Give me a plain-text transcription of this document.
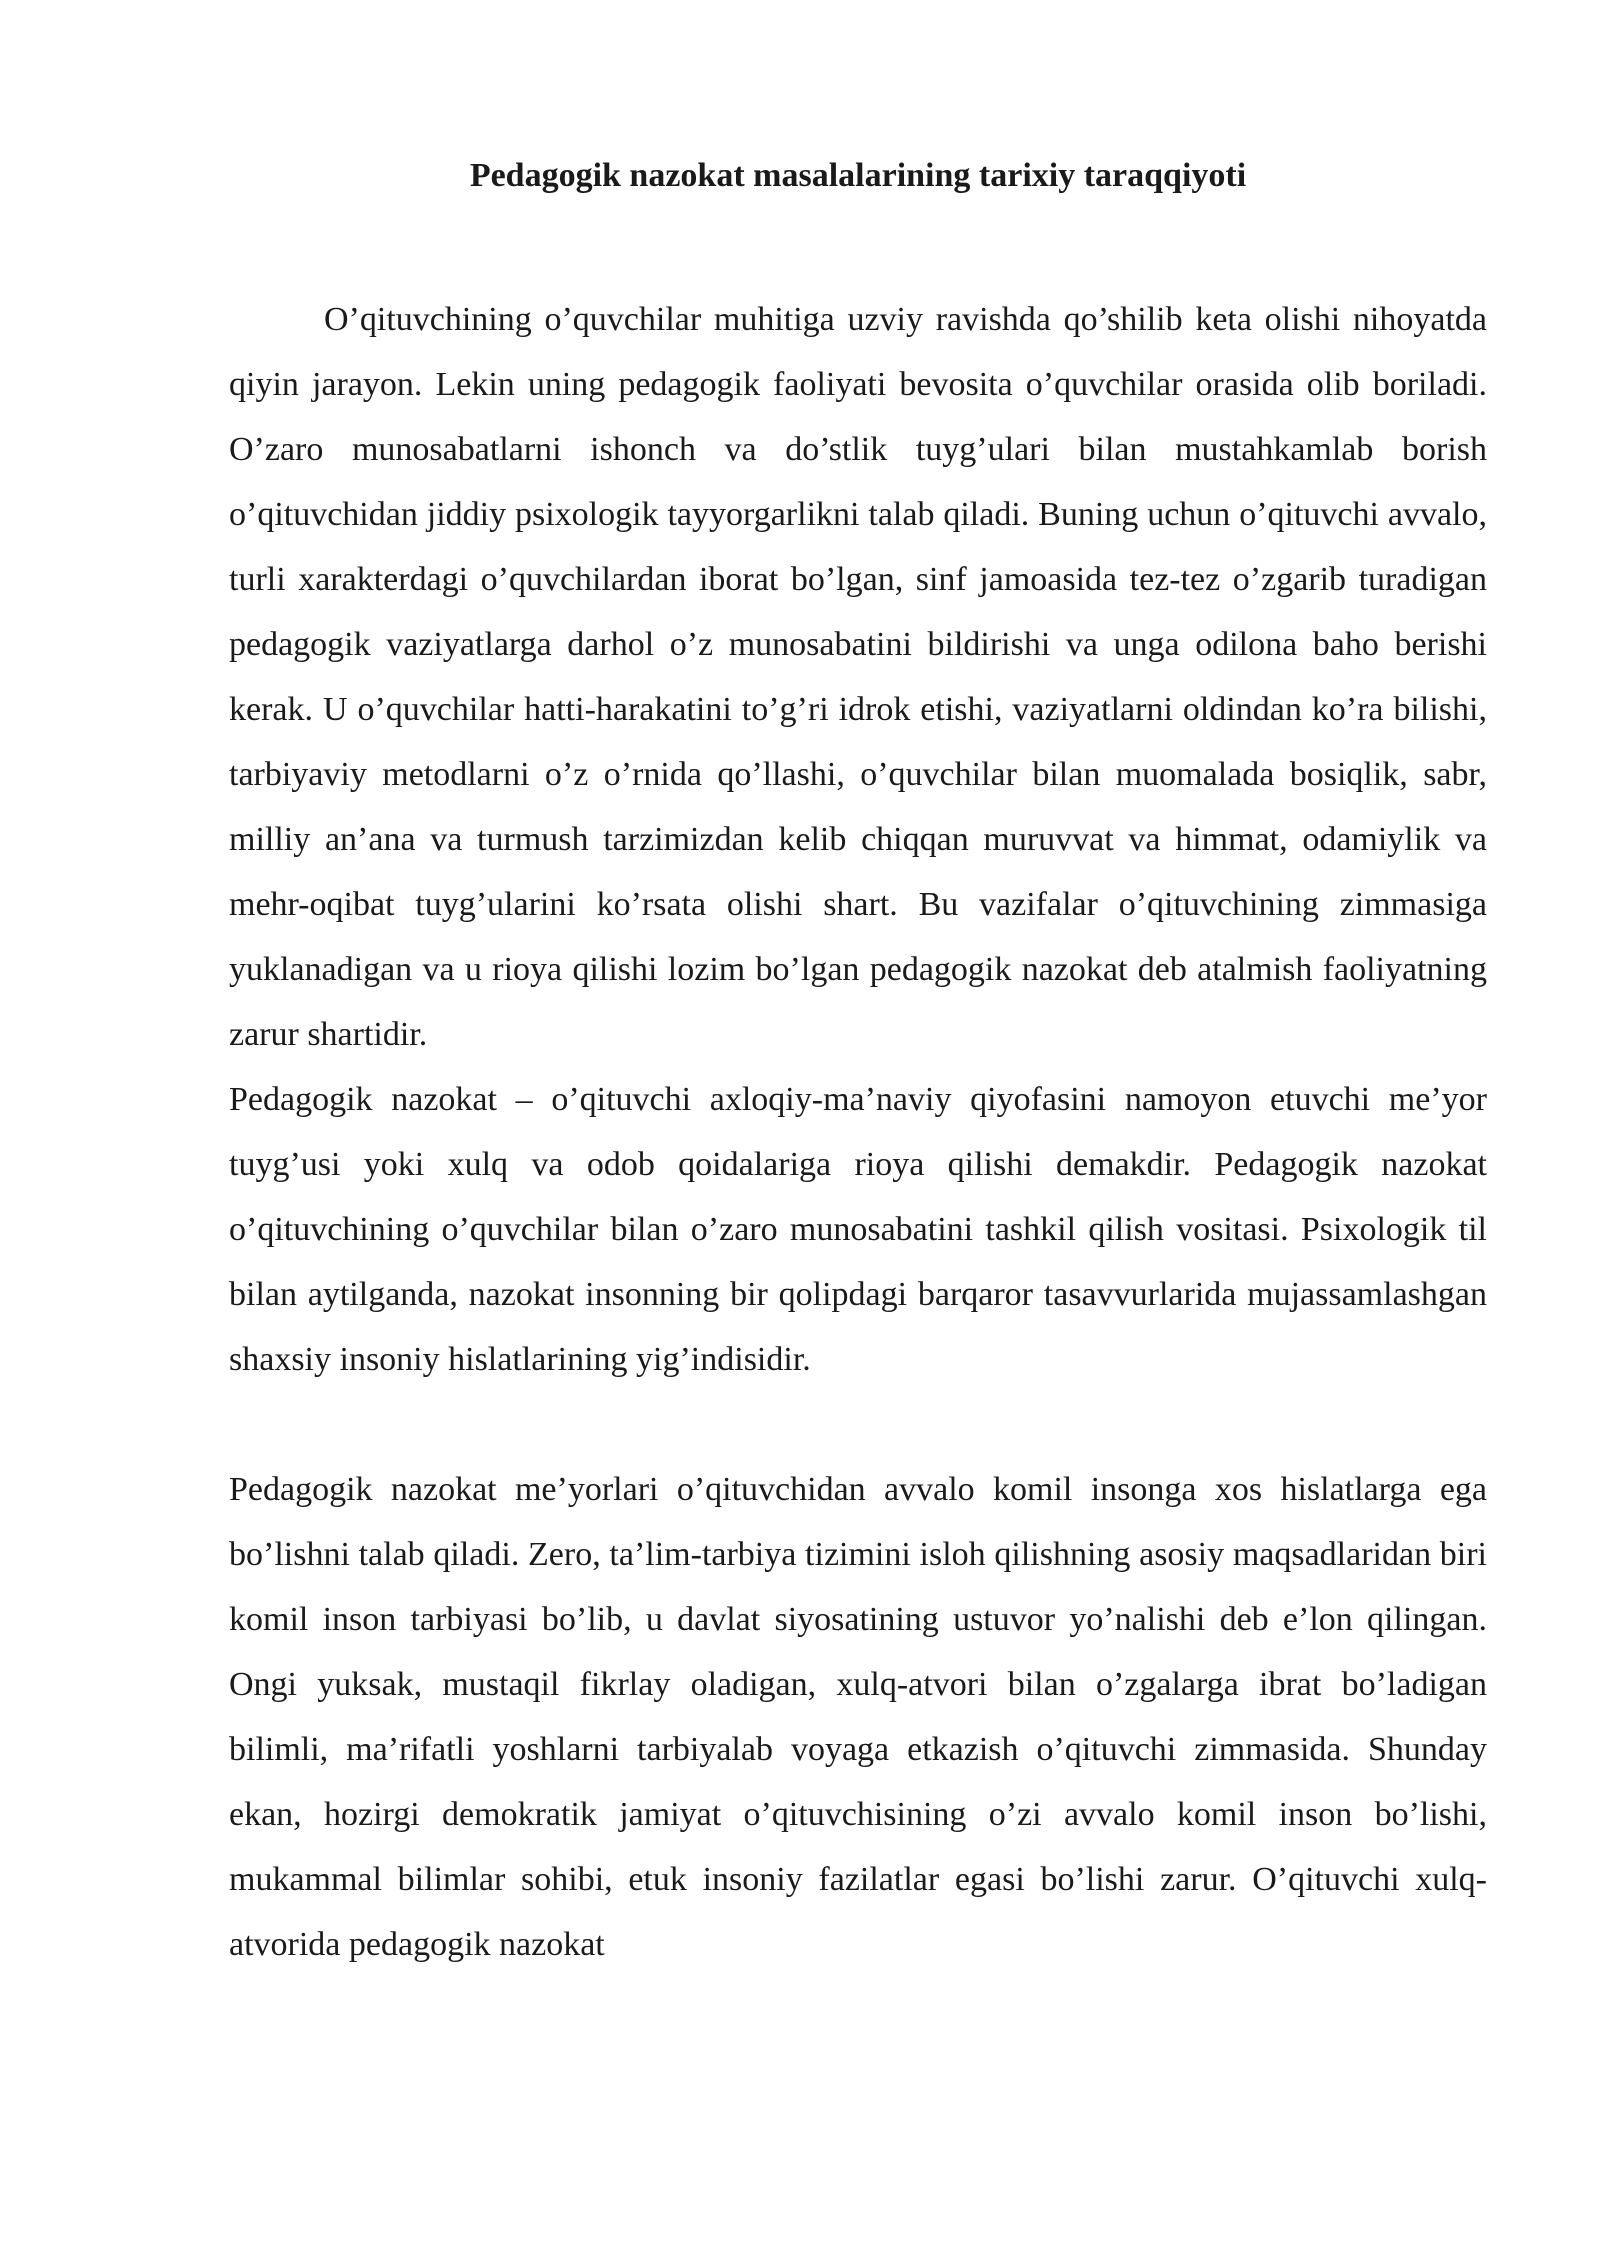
Pedagogik nazokat masalalarining tarixiy taraqqiyoti

O’qituvchining o’quvchilar muhitiga uzviy ravishda qo’shilib keta olishi nihoyatda qiyin jarayon. Lekin uning pedagogik faoliyati bevosita o’quvchilar orasida olib boriladi. O’zaro munosabatlarni ishonch va do’stlik tuyg’ulari bilan mustahkamlab borish o’qituvchidan jiddiy psixologik tayyorgarlikni talab qiladi. Buning uchun o’qituvchi avvalo, turli xarakterdagi o’quvchilardan iborat bo’lgan, sinf jamoasida tez-tez o’zgarib turadigan pedagogik vaziyatlarga darhol o’z munosabatini bildirishi va unga odilona baho berishi kerak. U o’quvchilar hatti-harakatini to’g’ri idrok etishi, vaziyatlarni oldindan ko’ra bilishi, tarbiyaviy metodlarni o’z o’rnida qo’llashi, o’quvchilar bilan muomalada bosiqlik, sabr, milliy an’ana va turmush tarzimizdan kelib chiqqan muruvvat va himmat, odamiylik va mehr-oqibat tuyg’ularini ko’rsata olishi shart. Bu vazifalar o’qituvchining zimmasiga yuklanadigan va u rioya qilishi lozim bo’lgan pedagogik nazokat deb atalmish faoliyatning zarur shartidir.

Pedagogik nazokat – o’qituvchi axloqiy-ma’naviy qiyofasini namoyon etuvchi me’yor tuyg’usi yoki xulq va odob qoidalariga rioya qilishi demakdir. Pedagogik nazokat o’qituvchining o’quvchilar bilan o’zaro munosabatini tashkil qilish vositasi. Psixologik til bilan aytilganda, nazokat insonning bir qolipdagi barqaror tasavvurlarida mujassamlashgan shaxsiy insoniy hislatlarining yig’indisidir.

Pedagogik nazokat me’yorlari o’qituvchidan avvalo komil insonga xos hislatlarga ega bo’lishni talab qiladi. Zero, ta’lim-tarbiya tizimini isloh qilishning asosiy maqsadlaridan biri komil inson tarbiyasi bo’lib, u davlat siyosatining ustuvor yo’nalishi deb e’lon qilingan. Ongi yuksak, mustaqil fikrlay oladigan, xulq-atvori bilan o’zgalarga ibrat bo’ladigan bilimli, ma’rifatli yoshlarni tarbiyalab voyaga etkazish o’qituvchi zimmasida. Shunday ekan, hozirgi demokratik jamiyat o’qituvchisining o’zi avvalo komil inson bo’lishi, mukammal bilimlar sohibi, etuk insoniy fazilatlar egasi bo’lishi zarur. O’qituvchi xulq-atvorida pedagogik nazokat
